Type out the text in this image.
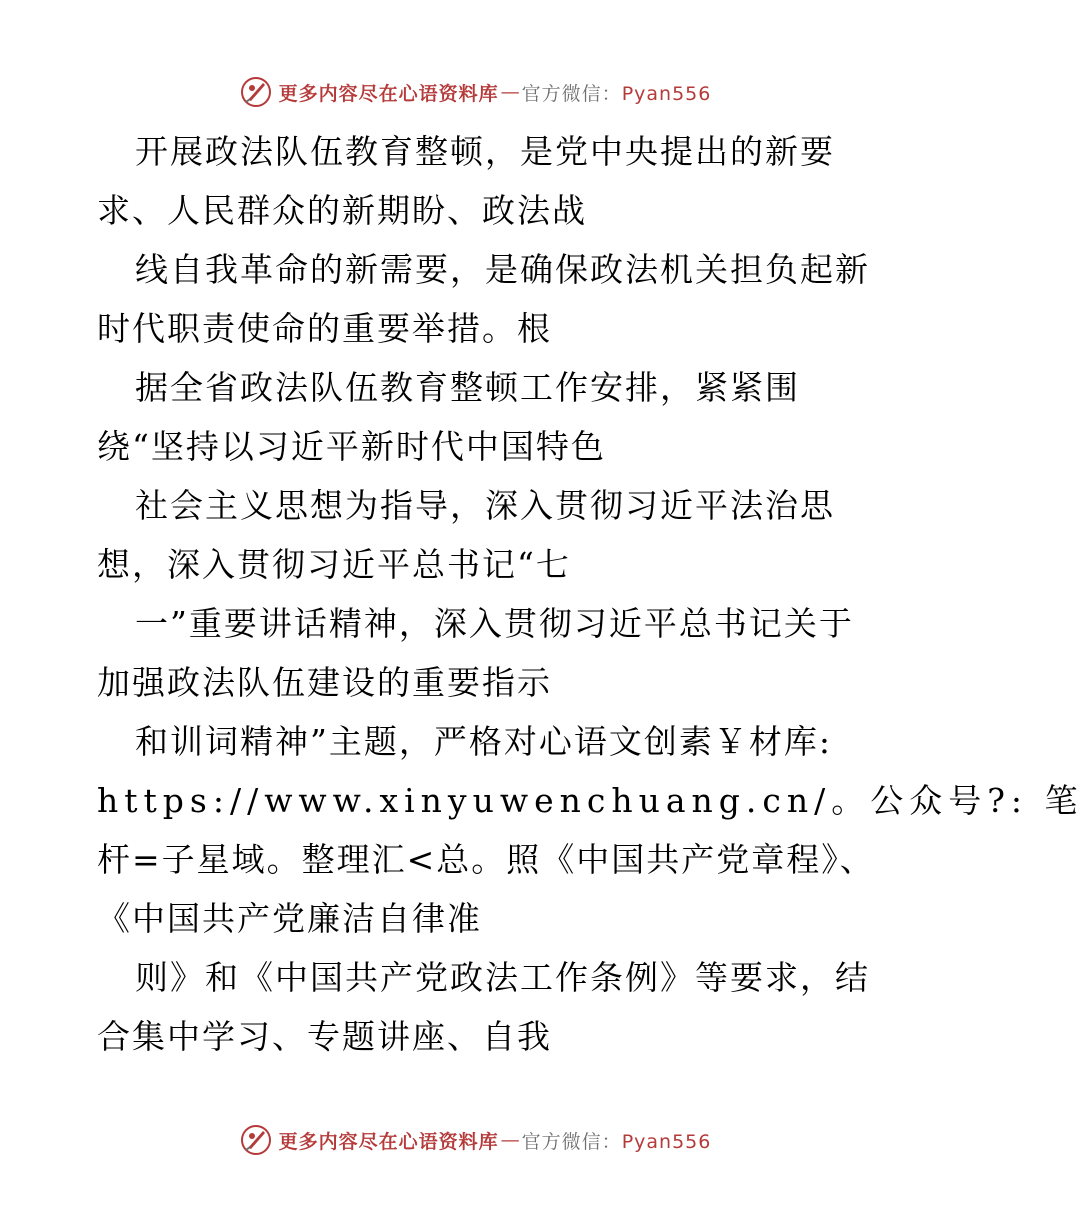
更多内容尽在心语资料库 — 官方微信：Pyan556
开展政法队伍教育整顿，是党中央提出的新要
求、人民群众的新期盼、政法战
线自我革命的新需要，是确保政法机关担负起新
时代职责使命的重要举措。根
据全省政法队伍教育整顿工作安排，紧紧围
绕“坚持以习近平新时代中国特色
社会主义思想为指导，深入贯彻习近平法治思
想，深入贯彻习近平总书记“七
一”重要讲话精神，深入贯彻习近平总书记关于
加强政法队伍建设的重要指示
和训词精神”主题，严格对心语文创素￥材库:
https://www.xinyuwenchuang.cn/。公众号?: 笔
杆=子星域。整理汇<总。照《中国共产党章程》、
《中国共产党廉洁自律准
则》和《中国共产党政法工作条例》等要求，结
合集中学习、专题讲座、自我
更多内容尽在心语资料库 — 官方微信：Pyan556
